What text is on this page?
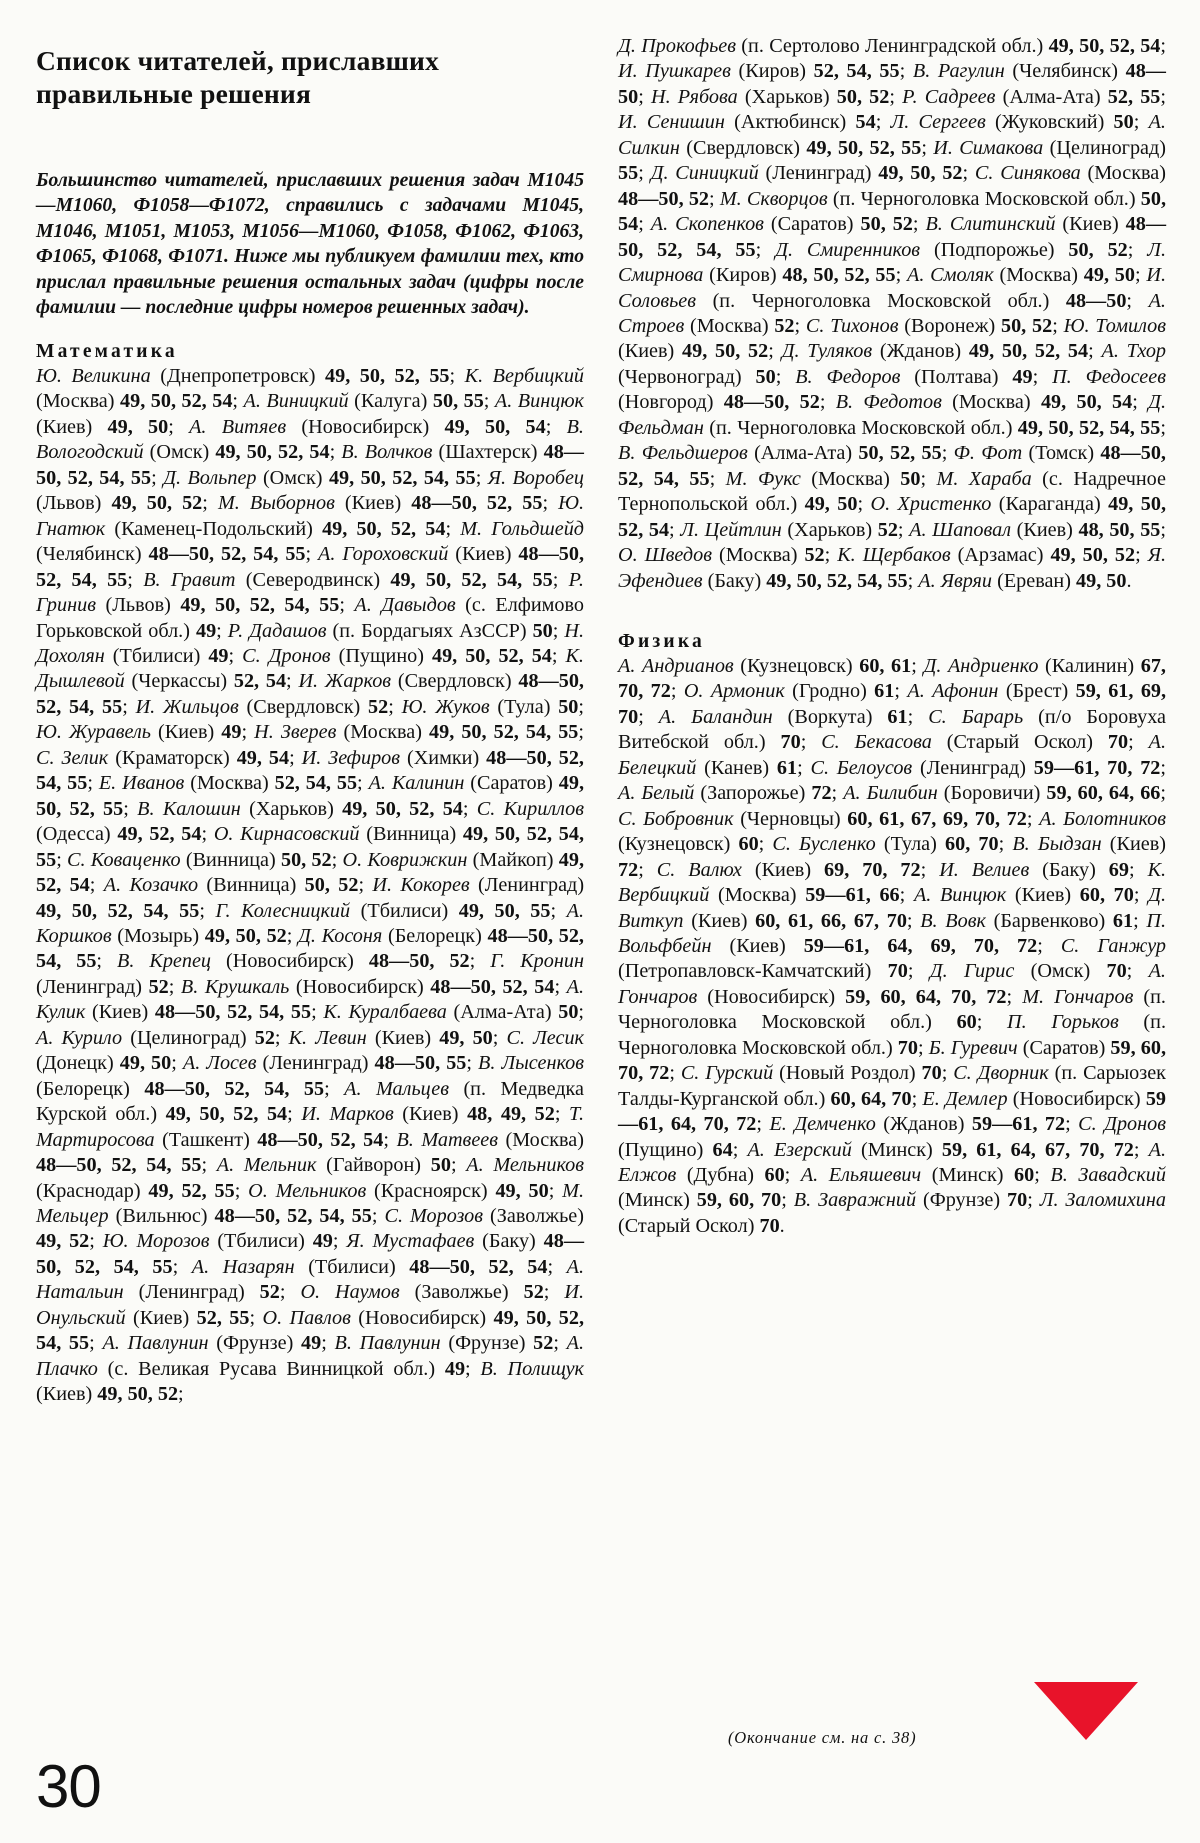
Список читателей, приславших правильные решения

Большинство читателей, приславших решения задач М1045—М1060, Ф1058—Ф1072, справились с задачами М1045, М1046, М1051, М1053, М1056—М1060, Ф1058, Ф1062, Ф1063, Ф1065, Ф1068, Ф1071. Ниже мы публикуем фамилии тех, кто прислал правильные решения остальных задач (цифры после фамилии — последние цифры номеров решенных задач).

Математика
Ю. Великина (Днепропетровск) 49, 50, 52, 55; К. Вербицкий (Москва) 49, 50, 52, 54; А. Виницкий (Калуга) 50, 55; А. Винцюк (Киев) 49, 50; А. Витяев (Новосибирск) 49, 50, 54; В. Вологодский (Омск) 49, 50, 52, 54; В. Волчков (Шахтерск) 48—50, 52, 54, 55; Д. Вольпер (Омск) 49, 50, 52, 54, 55; Я. Воробец (Львов) 49, 50, 52; М. Выборнов (Киев) 48—50, 52, 55; Ю. Гнатюк (Каменец-Подольский) 49, 50, 52, 54; М. Гольдшейд (Челябинск) 48—50, 52, 54, 55; А. Гороховский (Киев) 48—50, 52, 54, 55; В. Гравит (Северодвинск) 49, 50, 52, 54, 55; Р. Гринив (Львов) 49, 50, 52, 54, 55; А. Давыдов (с. Елфимово Горьковской обл.) 49; Р. Дадашов (п. Бордагыях АзССР) 50; Н. Дохолян (Тбилиси) 49; С. Дронов (Пущино) 49, 50, 52, 54; К. Дышлевой (Черкассы) 52, 54; И. Жарков (Свердловск) 48—50, 52, 54, 55; И. Жильцов (Свердловск) 52; Ю. Жуков (Тула) 50; Ю. Журавель (Киев) 49; Н. Зверев (Москва) 49, 50, 52, 54, 55; С. Зелик (Краматорск) 49, 54; И. Зефиров (Химки) 48—50, 52, 54, 55; Е. Иванов (Москва) 52, 54, 55; А. Калинин (Саратов) 49, 50, 52, 55; В. Калошин (Харьков) 49, 50, 52, 54; С. Кириллов (Одесса) 49, 52, 54; О. Кирнасовский (Винница) 49, 50, 52, 54, 55; С. Коваценко (Винница) 50, 52; О. Коврижкин (Майкоп) 49, 52, 54; А. Козачко (Винница) 50, 52; И. Кокорев (Ленинград) 49, 50, 52, 54, 55; Г. Колесницкий (Тбилиси) 49, 50, 55; А. Коршков (Мозырь) 49, 50, 52; Д. Косоня (Белорецк) 48—50, 52, 54, 55; В. Крепец (Новосибирск) 48—50, 52; Г. Кронин (Ленинград) 52; В. Крушкаль (Новосибирск) 48—50, 52, 54; А. Кулик (Киев) 48—50, 52, 54, 55; К. Куралбаева (Алма-Ата) 50; А. Курило (Целиноград) 52; К. Левин (Киев) 49, 50; С. Лесик (Донецк) 49, 50; А. Лосев (Ленинград) 48—50, 55; В. Лысенков (Белорецк) 48—50, 52, 54, 55; А. Мальцев (п. Медведка Курской обл.) 49, 50, 52, 54; И. Марков (Киев) 48, 49, 52; Т. Мартиросова (Ташкент) 48—50, 52, 54; В. Матвеев (Москва) 48—50, 52, 54, 55; А. Мельник (Гайворон) 50; А. Мельников (Краснодар) 49, 52, 55; О. Мельников (Красноярск) 49, 50; М. Мельцер (Вильнюс) 48—50, 52, 54, 55; С. Морозов (Заволжье) 49, 52; Ю. Морозов (Тбилиси) 49; Я. Мустафаев (Баку) 48—50, 52, 54, 55; А. Назарян (Тбилиси) 48—50, 52, 54; А. Натальин (Ленинград) 52; О. Наумов (Заволжье) 52; И. Онульский (Киев) 52, 55; О. Павлов (Новосибирск) 49, 50, 52, 54, 55; А. Павлунин (Фрунзе) 49; В. Павлунин (Фрунзе) 52; А. Плачко (с. Великая Русава Винницкой обл.) 49; В. Полищук (Киев) 49, 50, 52;
Д. Прокофьев (п. Сертолово Ленинградской обл.) 49, 50, 52, 54; И. Пушкарев (Киров) 52, 54, 55; В. Рагулин (Челябинск) 48—50; Н. Рябова (Харьков) 50, 52; Р. Садреев (Алма-Ата) 52, 55; И. Сенишин (Актюбинск) 54; Л. Сергеев (Жуковский) 50; А. Силкин (Свердловск) 49, 50, 52, 55; И. Симакова (Целиноград) 55; Д. Синицкий (Ленинград) 49, 50, 52; С. Синякова (Москва) 48—50, 52; М. Скворцов (п. Черноголовка Московской обл.) 50, 54; А. Скопенков (Саратов) 50, 52; В. Слитинский (Киев) 48—50, 52, 54, 55; Д. Смиренников (Подпорожье) 50, 52; Л. Смирнова (Киров) 48, 50, 52, 55; А. Смоляк (Москва) 49, 50; И. Соловьев (п. Черноголовка Московской обл.) 48—50; А. Строев (Москва) 52; С. Тихонов (Воронеж) 50, 52; Ю. Томилов (Киев) 49, 50, 52; Д. Туляков (Жданов) 49, 50, 52, 54; А. Тхор (Червоноград) 50; В. Федоров (Полтава) 49; П. Федосеев (Новгород) 48—50, 52; В. Федотов (Москва) 49, 50, 54; Д. Фельдман (п. Черноголовка Московской обл.) 49, 50, 52, 54, 55; В. Фельдшеров (Алма-Ата) 50, 52, 55; Ф. Фот (Томск) 48—50, 52, 54, 55; М. Фукс (Москва) 50; М. Хараба (с. Надречное Тернопольской обл.) 49, 50; О. Христенко (Караганда) 49, 50, 52, 54; Л. Цейтлин (Харьков) 52; А. Шаповал (Киев) 48, 50, 55; О. Шведов (Москва) 52; К. Щербаков (Арзамас) 49, 50, 52; Я. Эфендиев (Баку) 49, 50, 52, 54, 55; А. Явряи (Ереван) 49, 50.
Физика
А. Андрианов (Кузнецовск) 60, 61; Д. Андриенко (Калинин) 67, 70, 72; О. Армоник (Гродно) 61; А. Афонин (Брест) 59, 61, 69, 70; А. Баландин (Воркута) 61; С. Барарь (п/о Боровуха Витебской обл.) 70; С. Бекасова (Старый Оскол) 70; А. Белецкий (Канев) 61; С. Белоусов (Ленинград) 59—61, 70, 72; А. Белый (Запорожье) 72; А. Билибин (Боровичи) 59, 60, 64, 66; С. Бобровник (Черновцы) 60, 61, 67, 69, 70, 72; А. Болотников (Кузнецовск) 60; С. Бусленко (Тула) 60, 70; В. Быдзан (Киев) 72; С. Валюх (Киев) 69, 70, 72; И. Велиев (Баку) 69; К. Вербицкий (Москва) 59—61, 66; А. Винцюк (Киев) 60, 70; Д. Виткуп (Киев) 60, 61, 66, 67, 70; В. Вовк (Барвенково) 61; П. Вольфбейн (Киев) 59—61, 64, 69, 70, 72; С. Ганжур (Петропавловск-Камчатский) 70; Д. Гирис (Омск) 70; А. Гончаров (Новосибирск) 59, 60, 64, 70, 72; М. Гончаров (п. Черноголовка Московской обл.) 60; П. Горьков (п. Черноголовка Московской обл.) 70; Б. Гуревич (Саратов) 59, 60, 70, 72; С. Гурский (Новый Роздол) 70; С. Дворник (п. Сарыозек Талды-Курганской обл.) 60, 64, 70; Е. Демлер (Новосибирск) 59—61, 64, 70, 72; Е. Демченко (Жданов) 59—61, 72; С. Дронов (Пущино) 64; А. Езерский (Минск) 59, 61, 64, 67, 70, 72; А. Елжов (Дубна) 60; А. Ельяшевич (Минск) 60; В. Завадский (Минск) 59, 60, 70; В. Завражний (Фрунзе) 70; Л. Заломихина (Старый Оскол) 70.
(Окончание см. на с. 38)
30
